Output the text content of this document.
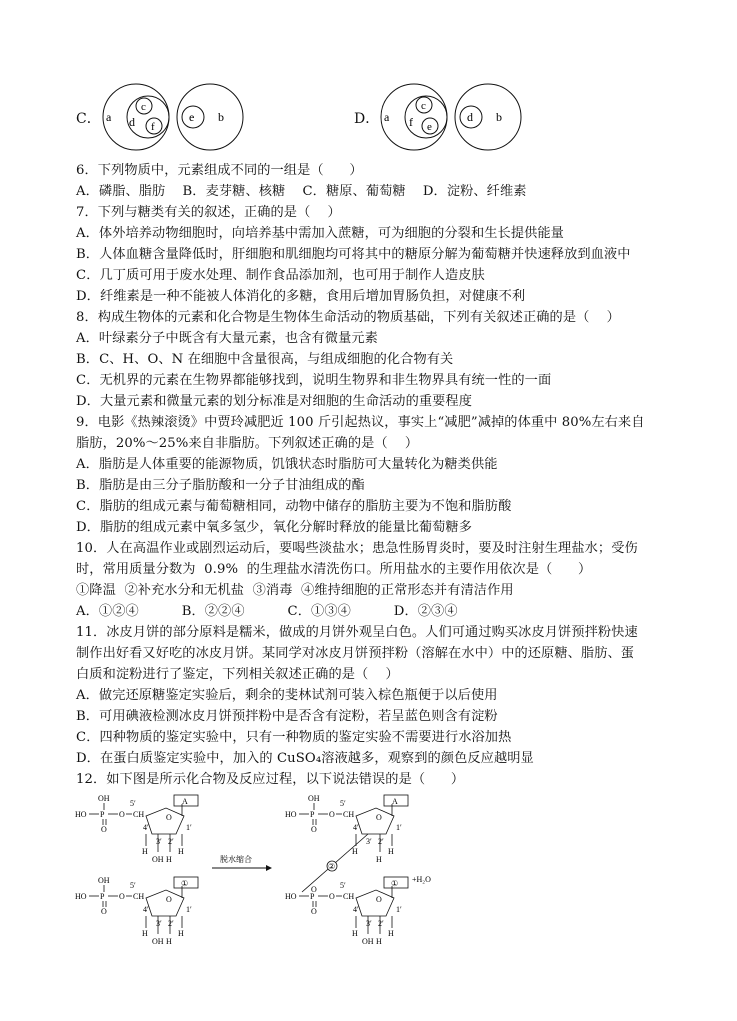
C． a
c
d f
e b	D． a
c
f e
d b
6．下列物质中，元素组成不同的一组是（      ）
A．磷脂、脂肪    B．麦芽糖、核糖    C．糖原、葡萄糖    D．淀粉、纤维素
7．下列与糖类有关的叙述，正确的是（    ）
A．体外培养动物细胞时，向培养基中需加入蔗糖，可为细胞的分裂和生长提供能量
B．人体血糖含量降低时，肝细胞和肌细胞均可将其中的糖原分解为葡萄糖并快速释放到血液中
C．几丁质可用于废水处理、制作食品添加剂，也可用于制作人造皮肤
D．纤维素是一种不能被人体消化的多糖，食用后增加胃肠负担，对健康不利
8．构成生物体的元素和化合物是生物体生命活动的物质基础，下列有关叙述正确的是（    ）
A．叶绿素分子中既含有大量元素，也含有微量元素
B．C、H、O、N 在细胞中含量很高，与组成细胞的化合物有关
C．无机界的元素在生物界都能够找到，说明生物界和非生物界具有统一性的一面
D．大量元素和微量元素的划分标准是对细胞的生命活动的重要程度
9．电影《热辣滚烫》中贾玲减肥近 100 斤引起热议，事实上“减肥”减掉的体重中 80%左右来自
脂肪，20%～25%来自非脂肪。下列叙述正确的是（    ）
A．脂肪是人体重要的能源物质，饥饿状态时脂肪可大量转化为糖类供能
B．脂肪是由三分子脂肪酸和一分子甘油组成的酯
C．脂肪的组成元素与葡萄糖相同，动物中储存的脂肪主要为不饱和脂肪酸
D．脂肪的组成元素中氧多氢少，氧化分解时释放的能量比葡萄糖多
10．人在高温作业或剧烈运动后，要喝些淡盐水；患急性肠胃炎时，要及时注射生理盐水；受伤
时，常用质量分数为  0.9%  的生理盐水清洗伤口。所用盐水的主要作用依次是（      ）
①降温  ②补充水分和无机盐  ③消毒  ④维持细胞的正常形态并有清洁作用
A．①②④          B．②②④          C．①③④          D．②③④
11．冰皮月饼的部分原料是糯米，做成的月饼外观呈白色。人们可通过购买冰皮月饼预拌粉快速
制作出好看又好吃的冰皮月饼。某同学对冰皮月饼预拌粉（溶解在水中）中的还原糖、脂肪、蛋
白质和淀粉进行了鉴定，下列相关叙述正确的是（    ）
A．做完还原糖鉴定实验后，剩余的斐林试剂可装入棕色瓶便于以后使用
B．可用碘液检测冰皮月饼预拌粉中是否含有淀粉，若呈蓝色则含有淀粉
C．四种物质的鉴定实验中，只有一种物质的鉴定实验不需要进行水浴加热
D．在蛋白质鉴定实验中，加入的 CuSO₄溶液越多，观察到的颜色反应越明显
12．如下图是所示化合物及反应过程，以下说法错误的是（      ）
OH
HO P
O
O CH
5′
O
4′	1′
3′ 2′
H	H
OH H
A
OH
HO P
O
O CH
5′
O
4′	1′
3′ 2′
H	H
OH H
①
脱水缩合
OH
HO P
O
O CH
5′
O
4′	1′
3′ 2′
H	H
H
A
②
O
HO P
O
O CH
5′
O
4′	1′
3′ 2′
H	H
OH H
① +H₂O
